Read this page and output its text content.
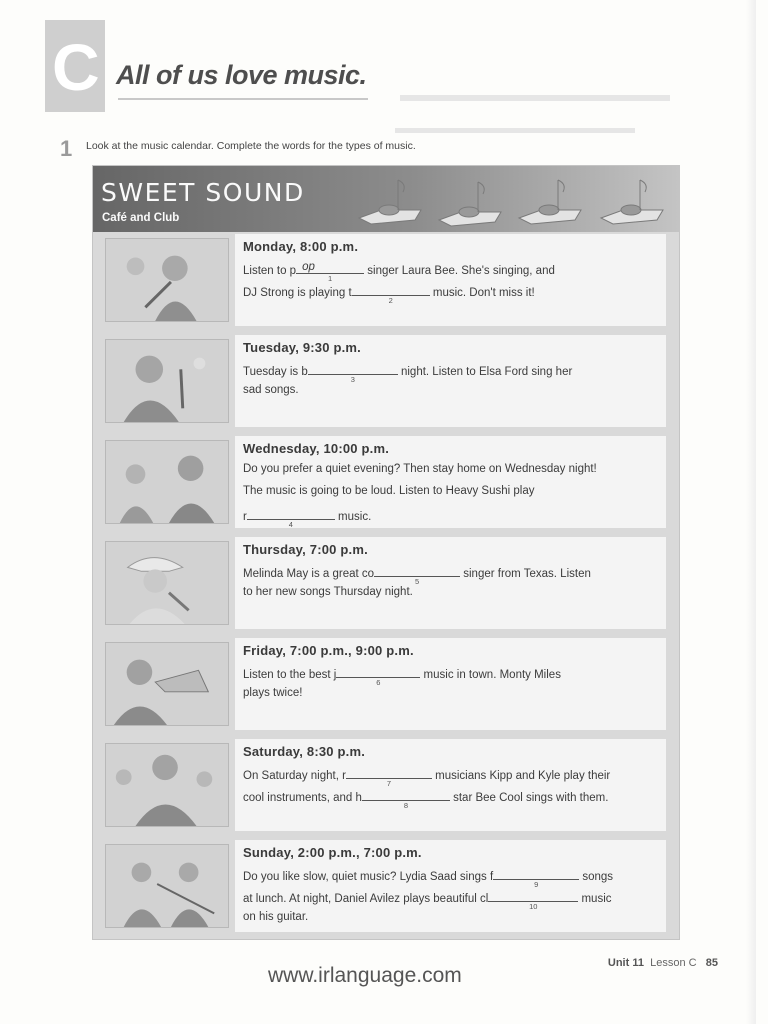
C All of us love music.
1 Look at the music calendar. Complete the words for the types of music.
SWEET SOUND
Café and Club
Monday, 8:00 p.m.
Listen to p op
1
singer Laura Bee. She's singing, and
DJ Strong is playing t
2
music. Don't miss it!
Tuesday, 9:30 p.m.
Tuesday is b
3
night. Listen to Elsa Ford sing her
sad songs.
Wednesday, 10:00 p.m.
Do you prefer a quiet evening? Then stay home on Wednesday night!
The music is going to be loud. Listen to Heavy Sushi play
r
4
music.
Thursday, 7:00 p.m.
Melinda May is a great co
5
singer from Texas. Listen
to her new songs Thursday night.
Friday, 7:00 p.m., 9:00 p.m.
Listen to the best j
6
music in town. Monty Miles
plays twice!
Saturday, 8:30 p.m.
On Saturday night, r
7
musicians Kipp and Kyle play their
cool instruments, and h
8
star Bee Cool sings with them.
Sunday, 2:00 p.m., 7:00 p.m.
Do you like slow, quiet music? Lydia Saad sings f
9
songs
at lunch. At night, Daniel Avilez plays beautiful cl
10
music
on his guitar.
Unit 11 Lesson C 85
www.irlanguage.com
